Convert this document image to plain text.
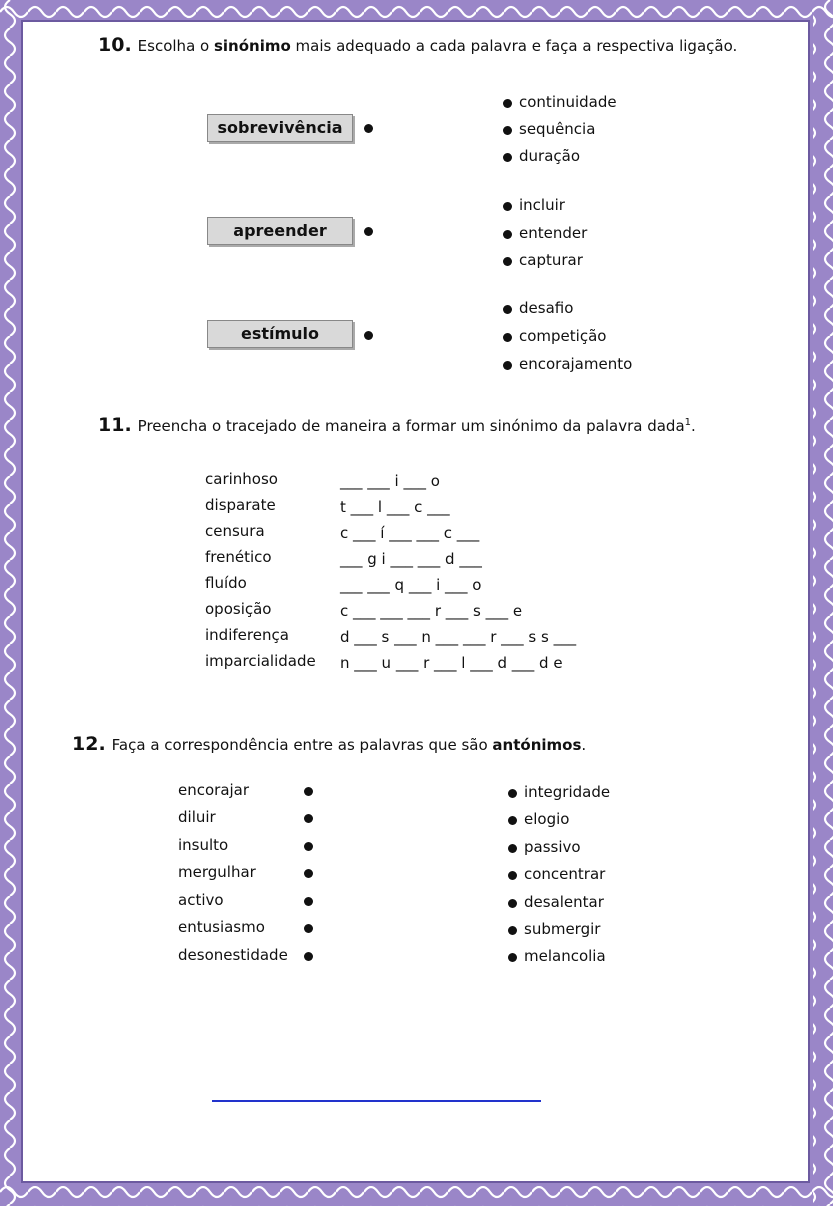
10. Escolha o sinónimo mais adequado a cada palavra e faça a respectiva ligação.
sobrevivência
continuidade
sequência
duração
apreender
incluir
entender
capturar
estímulo
desafio
competição
encorajamento
11. Preencha o tracejado de maneira a formar um sinónimo da palavra dada$^1$.
carinhoso	___ ___ i ___ o
disparate	t ___ l ___ c ___
censura	c ___ í ___ ___ c ___
frenético	___ g i ___ ___ d ___
fluído	___ ___ q ___ i ___ o
oposição	c ___ ___ ___ r ___ s ___ e
indiferença	d ___ s ___ n ___ ___ r ___ s s ___
imparcialidade n ___ u ___ r ___ l ___ d ___ d e
12. Faça a correspondência entre as palavras que são antónimos.
encorajar
diluir
insulto
mergulhar
activo
entusiasmo
desonestidade
integridade
elogio
passivo
concentrar
desalentar
submergir
melancolia
